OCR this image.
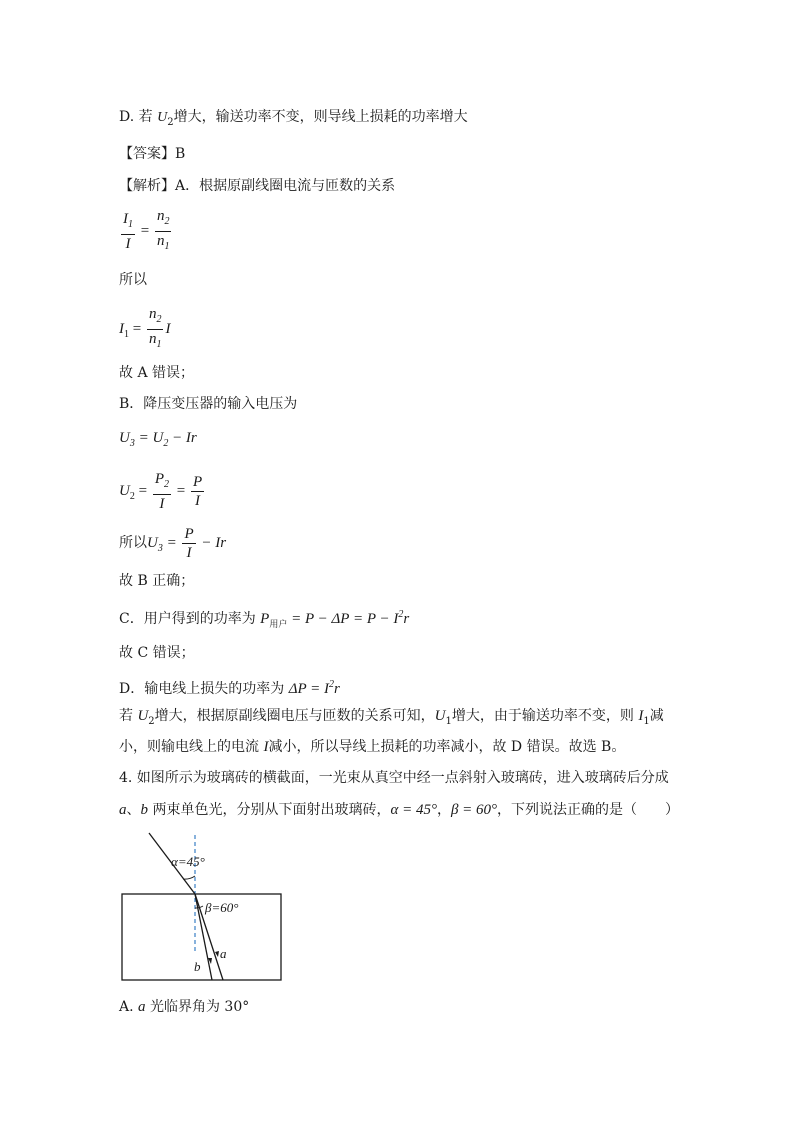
D. 若 $U_2$增大，输送功率不变，则导线上损耗的功率增大
【答案】B
【解析】A．根据原副线圈电流与匝数的关系
$\frac{I_1}{I} = \frac{n_2}{n_1}$
所以
$I_1 = \frac{n_2}{n_1}$ I
故 A 错误；
B．降压变压器的输入电压为
$U_3 = U_2 - Ir$
$U_2 = \frac{P_2}{I} = \frac{P}{I}$
所以$U_3 = \frac{P}{I} - Ir$
故 B 正确；
C．用户得到的功率为 $P_{用户} = P - \Delta P = P - I^2r$
故 C 错误；
D．输电线上损失的功率为 $\Delta P = I^2r$
若 $U_2$增大，根据原副线圈电压与匝数的关系可知，$U_1$增大，由于输送功率不变，则 $I_1$减
小，则输电线上的电流 I减小，所以导线上损耗的功率减小，故 D 错误。故选 B。
4. 如图所示为玻璃砖的横截面，一光束从真空中经一点斜射入玻璃砖，进入玻璃砖后分成
a、b 两束单色光，分别从下面射出玻璃砖，α = 45°，β = 60°，下列说法正确的是（　　）
α=45°
β=60°
a
b
A. a 光临界角为 30°
